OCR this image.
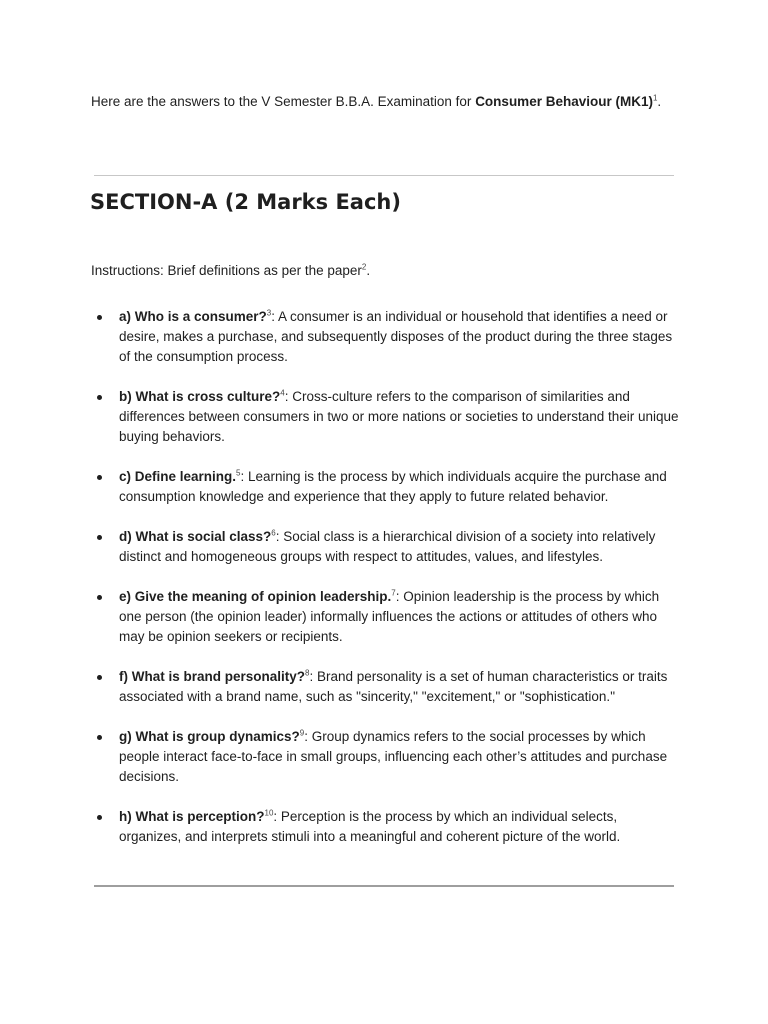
Here are the answers to the V Semester B.B.A. Examination for Consumer Behaviour $(MK1)^1$.

SECTION-A (2 Marks Each)

Instructions: Brief definitions as per the paper$^2$.

a) Who is a consumer?$^3$: A consumer is an individual or household that identifies a need or desire, makes a purchase, and subsequently disposes of the product during the three stages of the consumption process.
b) What is cross culture?$^4$: Cross-culture refers to the comparison of similarities and differences between consumers in two or more nations or societies to understand their unique buying behaviors.
c) Define learning.$^5$: Learning is the process by which individuals acquire the purchase and consumption knowledge and experience that they apply to future related behavior.
d) What is social class?$^6$: Social class is a hierarchical division of a society into relatively distinct and homogeneous groups with respect to attitudes, values, and lifestyles.
e) Give the meaning of opinion leadership.$^7$: Opinion leadership is the process by which one person (the opinion leader) informally influences the actions or attitudes of others who may be opinion seekers or recipients.
f) What is brand personality?$^8$: Brand personality is a set of human characteristics or traits associated with a brand name, such as "sincerity," "excitement," or "sophistication."
g) What is group dynamics?$^9$: Group dynamics refers to the social processes by which people interact face-to-face in small groups, influencing each other’s attitudes and purchase decisions.
h) What is perception?$^{10}$: Perception is the process by which an individual selects, organizes, and interprets stimuli into a meaningful and coherent picture of the world.
